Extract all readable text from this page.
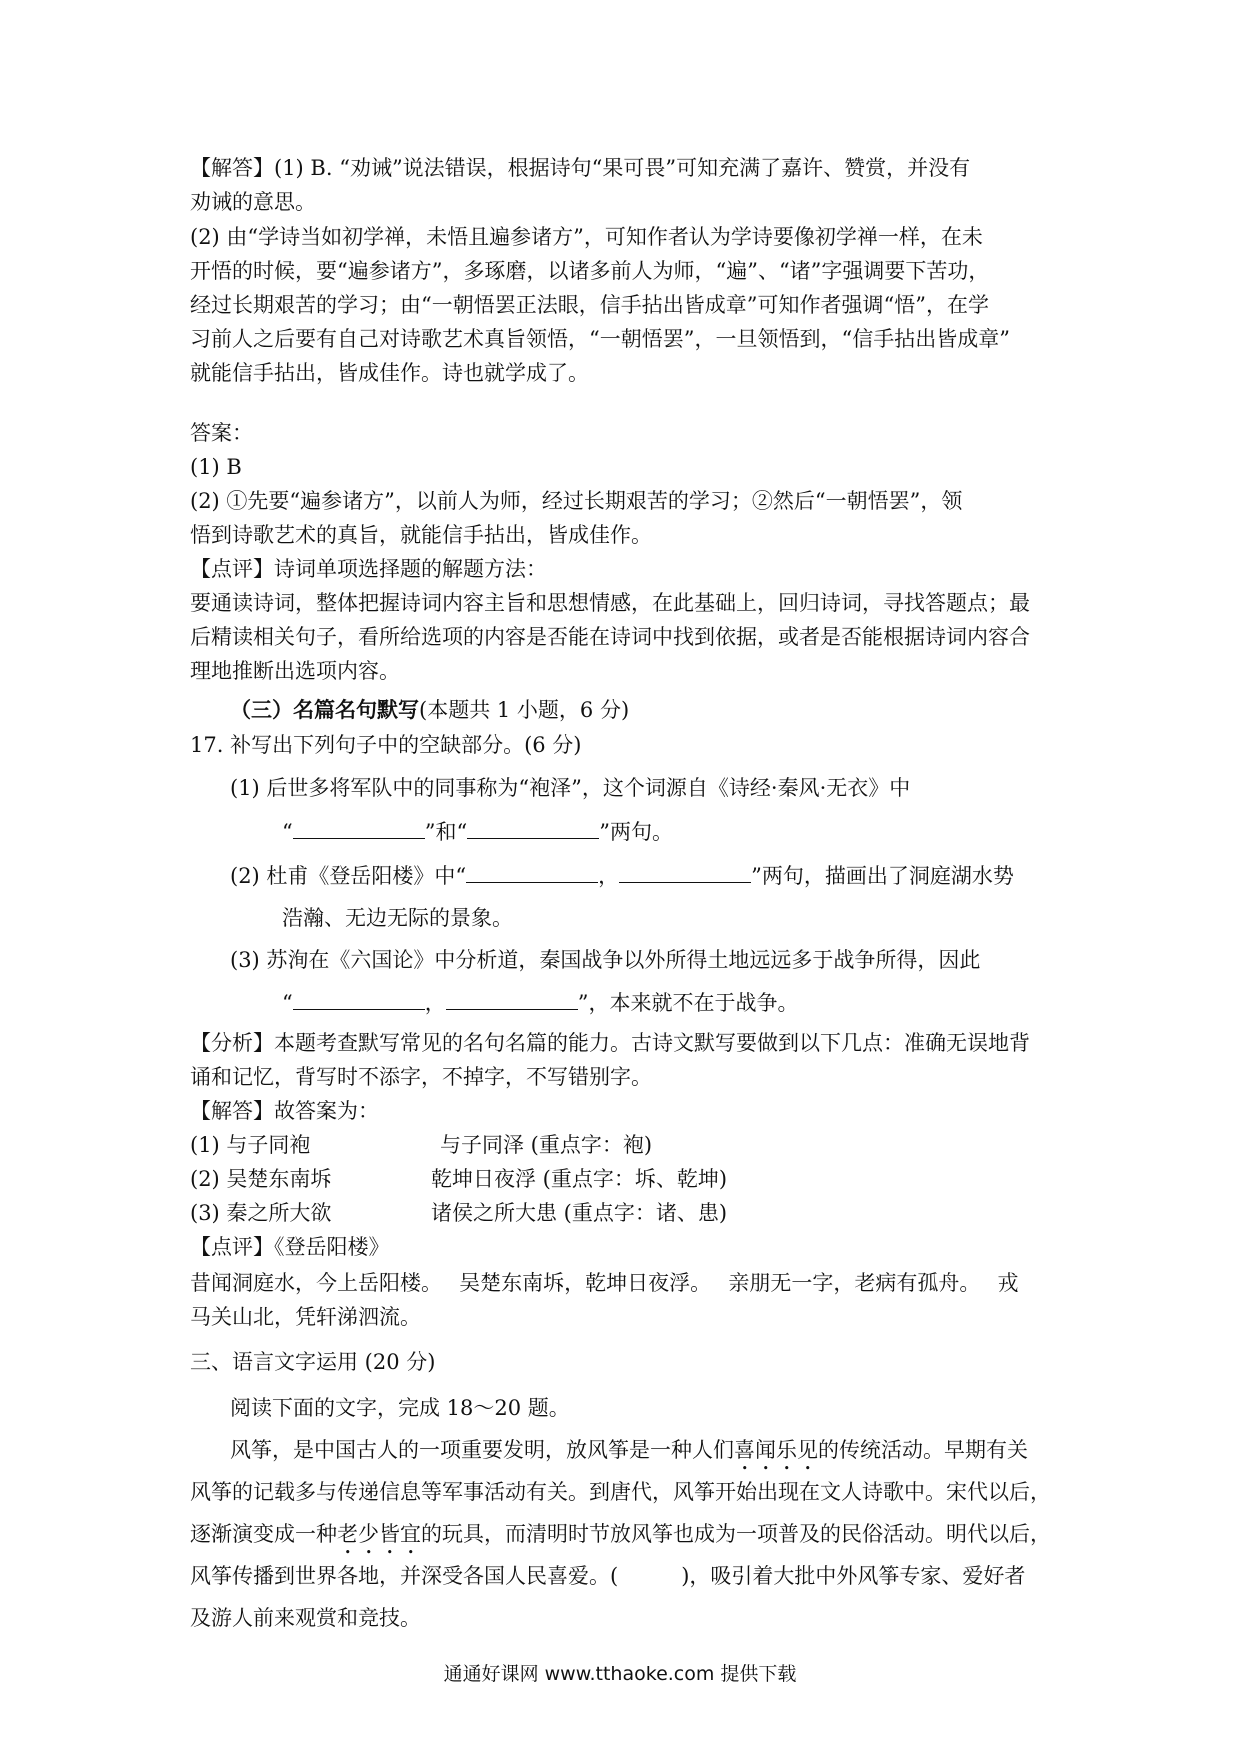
【解答】(1) B. “劝诫”说法错误，根据诗句“果可畏”可知充满了嘉许、赞赏，并没有
劝诫的意思。
(2) 由“学诗当如初学禅，未悟且遍参诸方”，可知作者认为学诗要像初学禅一样，在未
开悟的时候，要“遍参诸方”，多琢磨，以诸多前人为师，“遍”、“诸”字强调要下苦功，
经过长期艰苦的学习；由“一朝悟罢正法眼，信手拈出皆成章”可知作者强调“悟”，在学
习前人之后要有自己对诗歌艺术真旨领悟，“一朝悟罢”，一旦领悟到，“信手拈出皆成章”
就能信手拈出，皆成佳作。诗也就学成了。
答案：
(1) B
(2) ①先要“遍参诸方”，以前人为师，经过长期艰苦的学习；②然后“一朝悟罢”，领
悟到诗歌艺术的真旨，就能信手拈出，皆成佳作。
【点评】诗词单项选择题的解题方法：
要通读诗词，整体把握诗词内容主旨和思想情感，在此基础上，回归诗词，寻找答题点；最
后精读相关句子，看所给选项的内容是否能在诗词中找到依据，或者是否能根据诗词内容合
理地推断出选项内容。
（三）名篇名句默写(本题共 1 小题，6 分)
17. 补写出下列句子中的空缺部分。(6 分)
(1) 后世多将军队中的同事称为“袍泽”，这个词源自《诗经·秦风·无衣》中
“	”和“	”两句。
(2) 杜甫《登岳阳楼》中“	，	”两句，描画出了洞庭湖水势
浩瀚、无边无际的景象。
(3) 苏洵在《六国论》中分析道，秦国战争以外所得土地远远多于战争所得，因此
“	，	”，本来就不在于战争。
【分析】本题考查默写常见的名句名篇的能力。古诗文默写要做到以下几点：准确无误地背
诵和记忆，背写时不添字，不掉字，不写错别字。
【解答】故答案为：
(1) 与子同袍	与子同泽 (重点字：袍)
(2) 吴楚东南坼	乾坤日夜浮 (重点字：坼、乾坤)
(3) 秦之所大欲	诸侯之所大患 (重点字：诸、患)
【点评】《登岳阳楼》
昔闻洞庭水，今上岳阳楼。　 吴楚东南坼，乾坤日夜浮。　 亲朋无一字，老病有孤舟。　 戎
马关山北，凭轩涕泗流。
三、语言文字运用 (20 分)
阅读下面的文字，完成 18～20 题。
风筝，是中国古人的一项重要发明，放风筝是一种人们喜闻乐见的传统活动。早期有关
风筝的记载多与传递信息等军事活动有关。到唐代，风筝开始出现在文人诗歌中。宋代以后，
逐渐演变成一种老少皆宜的玩具，而清明时节放风筝也成为一项普及的民俗活动。明代以后，
风筝传播到世界各地，并深受各国人民喜爱。(　　　)，吸引着大批中外风筝专家、爱好者
及游人前来观赏和竞技。
通通好课网 www.tthaoke.com 提供下载
